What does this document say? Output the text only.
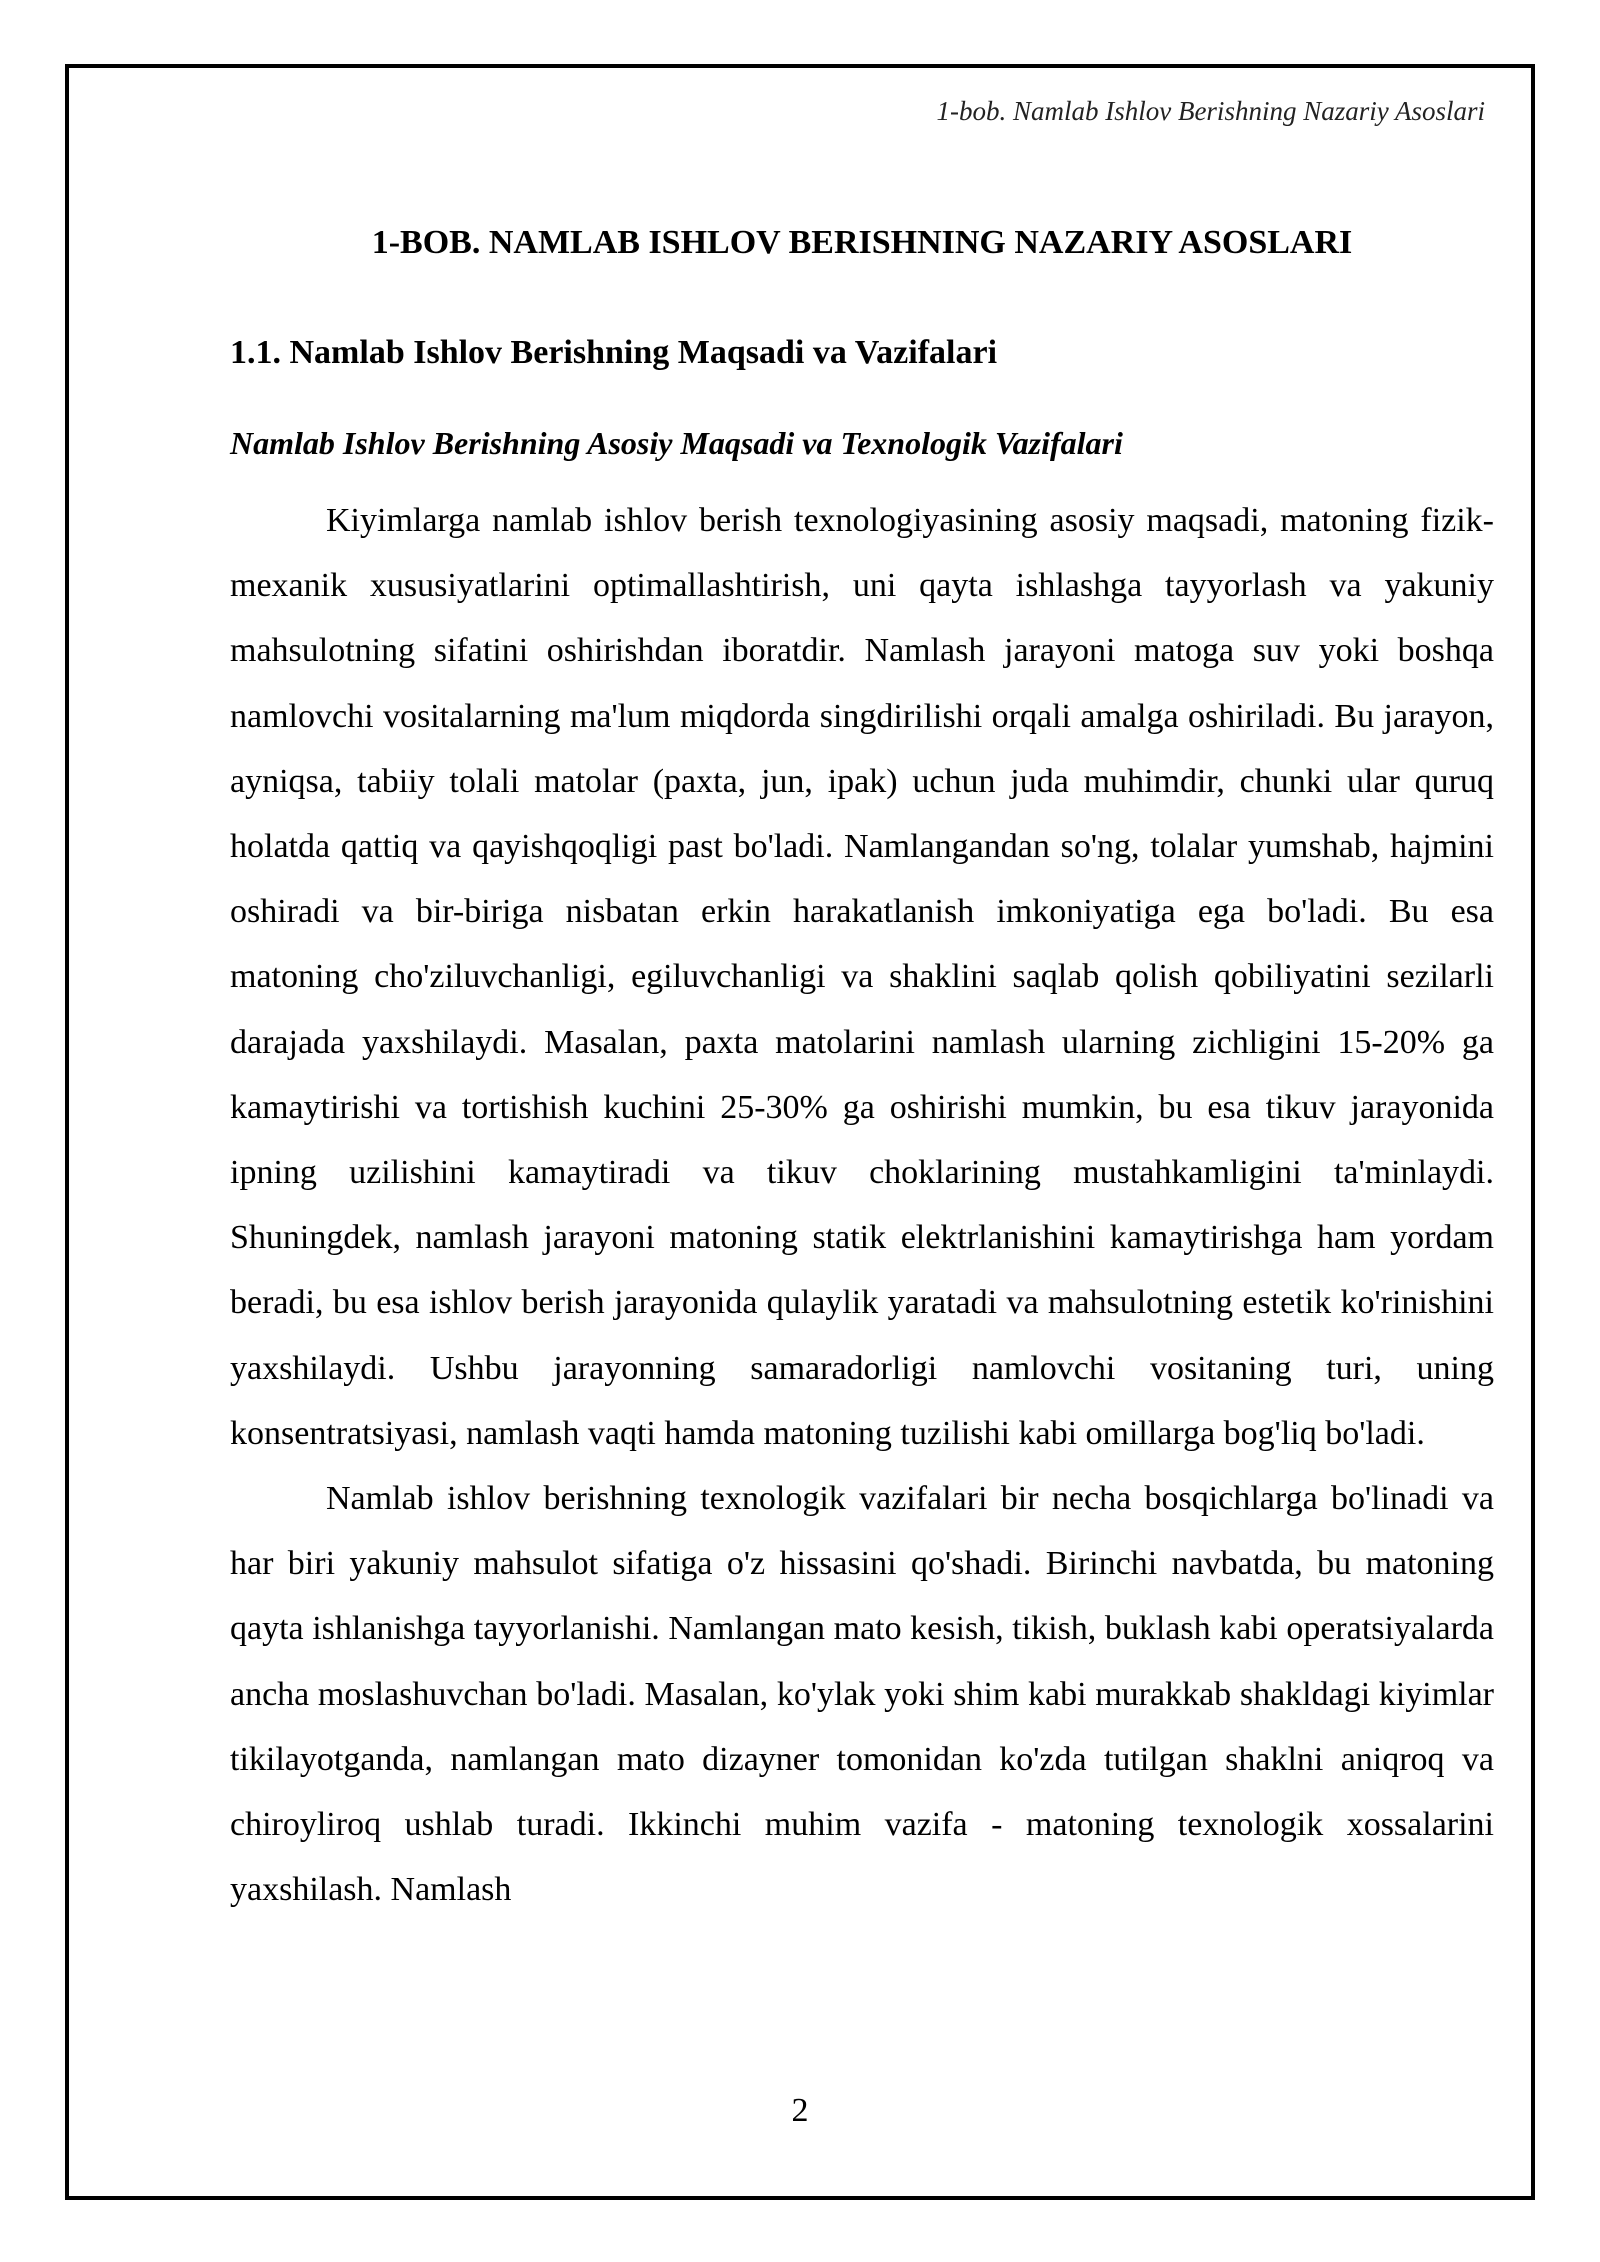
1-bob. Namlab Ishlov Berishning Nazariy Asoslari
1-BOB. NAMLAB ISHLOV BERISHNING NAZARIY ASOSLARI
1.1. Namlab Ishlov Berishning Maqsadi va Vazifalari
Namlab Ishlov Berishning Asosiy Maqsadi va Texnologik Vazifalari

Kiyimlarga namlab ishlov berish texnologiyasining asosiy maqsadi, matoning fizik-mexanik xususiyatlarini optimallashtirish, uni qayta ishlashga tayyorlash va yakuniy mahsulotning sifatini oshirishdan iboratdir. Namlash jarayoni matoga suv yoki boshqa namlovchi vositalarning ma'lum miqdorda singdirilishi orqali amalga oshiriladi. Bu jarayon, ayniqsa, tabiiy tolali matolar (paxta, jun, ipak) uchun juda muhimdir, chunki ular quruq holatda qattiq va qayishqoqligi past bo'ladi. Namlangandan so'ng, tolalar yumshab, hajmini oshiradi va bir-biriga nisbatan erkin harakatlanish imkoniyatiga ega bo'ladi. Bu esa matoning cho'ziluvchanligi, egiluvchanligi va shaklini saqlab qolish qobiliyatini sezilarli darajada yaxshilaydi. Masalan, paxta matolarini namlash ularning zichligini 15-20% ga kamaytirishi va tortishish kuchini 25-30% ga oshirishi mumkin, bu esa tikuv jarayonida ipning uzilishini kamaytiradi va tikuv choklarining mustahkamligini ta'minlaydi. Shuningdek, namlash jarayoni matoning statik elektrlanishini kamaytirishga ham yordam beradi, bu esa ishlov berish jarayonida qulaylik yaratadi va mahsulotning estetik ko'rinishini yaxshilaydi. Ushbu jarayonning samaradorligi namlovchi vositaning turi, uning konsentratsiyasi, namlash vaqti hamda matoning tuzilishi kabi omillarga bog'liq bo'ladi.

Namlab ishlov berishning texnologik vazifalari bir necha bosqichlarga bo'linadi va har biri yakuniy mahsulot sifatiga o'z hissasini qo'shadi. Birinchi navbatda, bu matoning qayta ishlanishga tayyorlanishi. Namlangan mato kesish, tikish, buklash kabi operatsiyalarda ancha moslashuvchan bo'ladi. Masalan, ko'ylak yoki shim kabi murakkab shakldagi kiyimlar tikilayotganda, namlangan mato dizayner tomonidan ko'zda tutilgan shaklni aniqroq va chiroyliroq ushlab turadi. Ikkinchi muhim vazifa - matoning texnologik xossalarini yaxshilash. Namlash

2
